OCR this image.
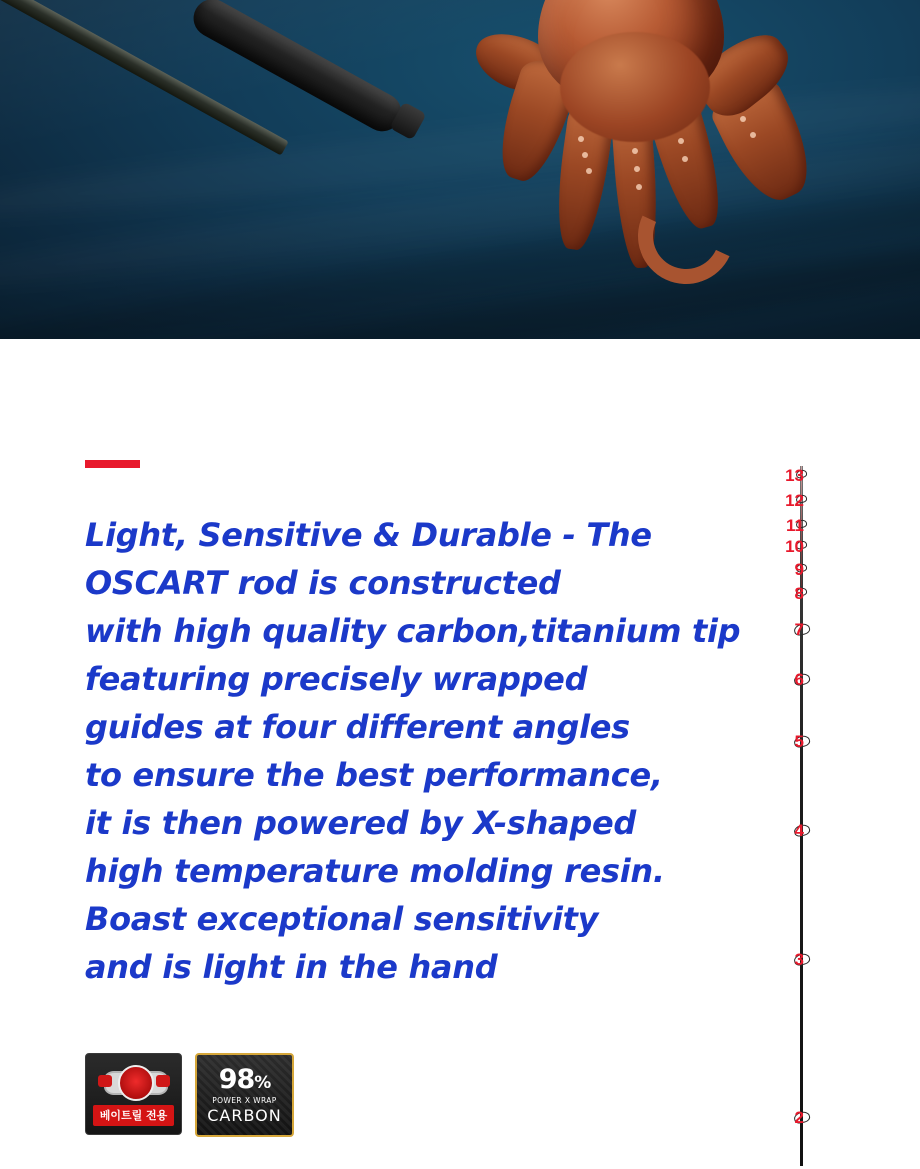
Light, Sensitive & Durable - The
OSCART rod is constructed
with high quality carbon,titanium tip
featuring precisely wrapped
guides at four different angles
to ensure the best performance,
it is then powered by X-shaped
high temperature molding resin.
Boast exceptional sensitivity
and is light in the hand
베이트릴 전용
98%
POWER X WRAP
CARBON
13
12
11
10
9
8
7
6
5
4
3
2
